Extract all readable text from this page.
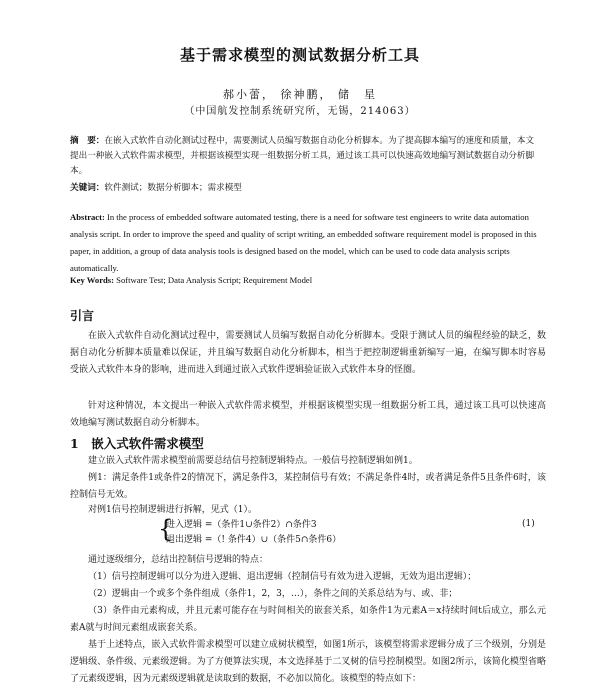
基于需求模型的测试数据分析工具
郝小蕾， 徐神鹏， 储　星
（中国航发控制系统研究所，无锡，214063）
摘　要：在嵌入式软件自动化测试过程中，需要测试人员编写数据自动化分析脚本。为了提高脚本编写的速度和质量，本文提出一种嵌入式软件需求模型，并根据该模型实现一组数据分析工具，通过该工具可以快速高效地编写测试数据自动分析脚本。
关键词：软件测试；数据分析脚本；需求模型
Abstract: In the process of embedded software automated testing, there is a need for software test engineers to write data automation analysis script. In order to improve the speed and quality of script writing, an embedded software requirement model is proposed in this paper, in addition, a group of data analysis tools is designed based on the model, which can be used to code data analysis scripts automatically.
Key Words: Software Test; Data Analysis Script; Requirement Model
引言
在嵌入式软件自动化测试过程中，需要测试人员编写数据自动化分析脚本。受限于测试人员的编程经验的缺乏，数据自动化分析脚本质量难以保证，并且编写数据自动化分析脚本，相当于把控制逻辑重新编写一遍，在编写脚本时容易受嵌入式软件本身的影响，进而进入到通过嵌入式软件逻辑验证嵌入式软件本身的怪圈。
针对这种情况，本文提出一种嵌入式软件需求模型，并根据该模型实现一组数据分析工具，通过该工具可以快速高效地编写测试数据自动分析脚本。
1　嵌入式软件需求模型
建立嵌入式软件需求模型前需要总结信号控制逻辑特点。一般信号控制逻辑如例1。
例1：满足条件1或条件2的情况下，满足条件3，某控制信号有效；不满足条件4时，或者满足条件5且条件6时，该控制信号无效。
对例1信号控制逻辑进行拆解，见式（1）。
{
进入逻辑 =（条件1∪条件2）∩条件3
退出逻辑 =（! 条件4）∪（条件5∩条件6）
(1)
通过逐级细分，总结出控制信号逻辑的特点：
（1）信号控制逻辑可以分为进入逻辑、退出逻辑（控制信号有效为进入逻辑，无效为退出逻辑）；
（2）逻辑由一个或多个条件组成（条件1，2，3，…），条件之间的关系总结为与、或、非；
（3）条件由元素构成，并且元素可能存在与时间相关的嵌套关系，如条件1为元素A＝x持续时间t后成立，那么元素A就与时间元素组成嵌套关系。
基于上述特点，嵌入式软件需求模型可以建立成树状模型，如图1所示，该模型将需求逻辑分成了三个级别，分别是逻辑级、条件级、元素级逻辑。为了方便算法实现，本文选择基于二叉树的信号控制模型。如图2所示，该简化模型省略了元素级逻辑，因为元素级逻辑就是读取到的数据，不必加以简化。该模型的特点如下：
